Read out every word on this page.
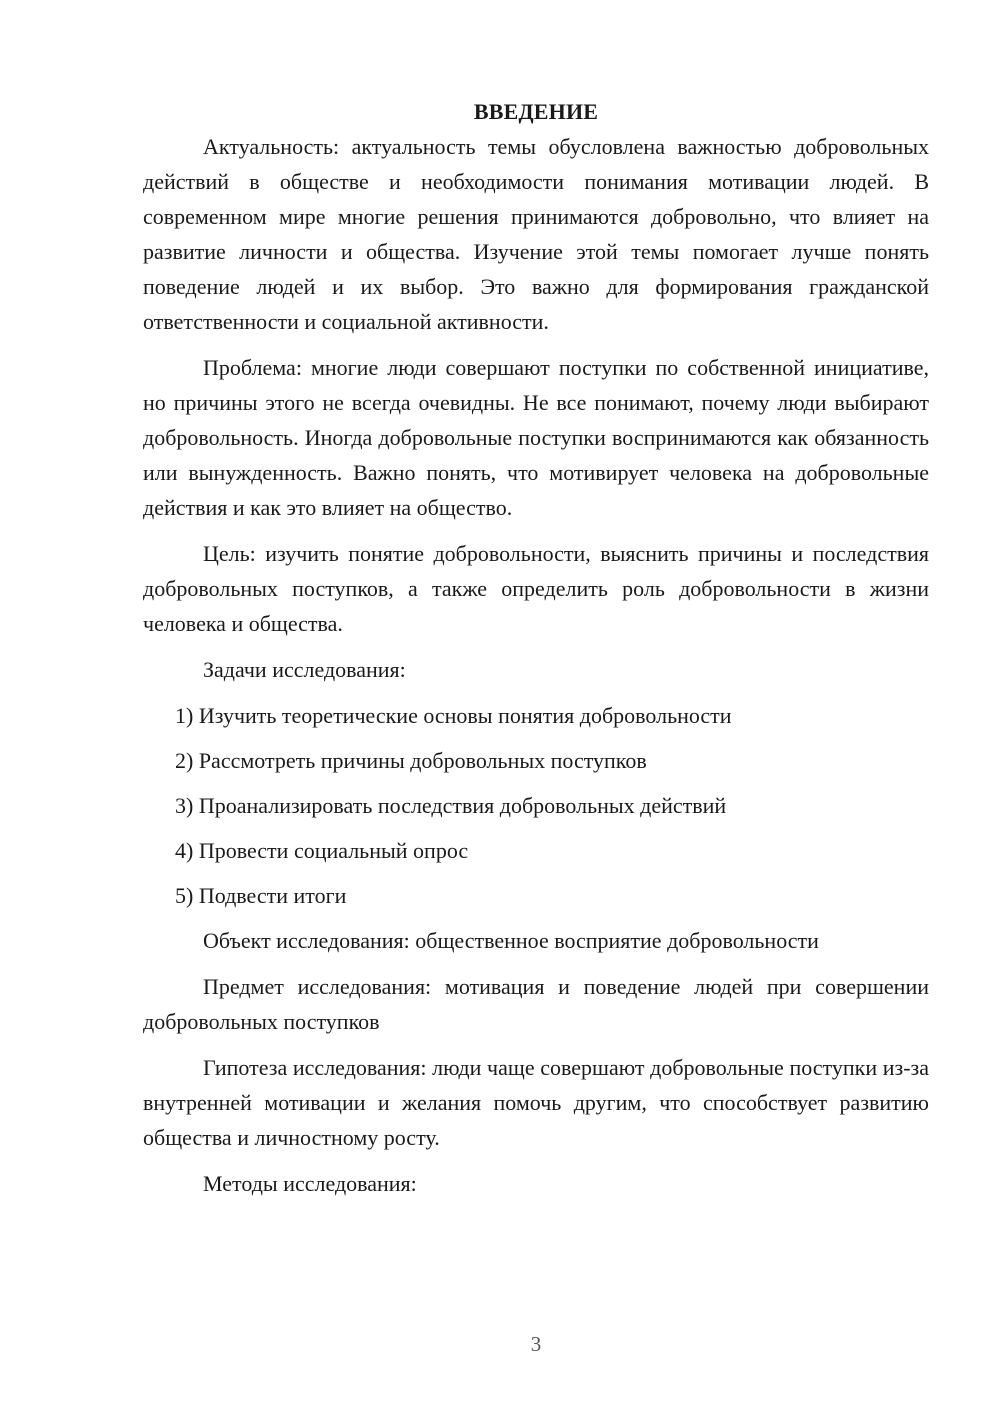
ВВЕДЕНИЕ

Актуальность: актуальность темы обусловлена важностью добровольных действий в обществе и необходимости понимания мотивации людей. В современном мире многие решения принимаются добровольно, что влияет на развитие личности и общества. Изучение этой темы помогает лучше понять поведение людей и их выбор. Это важно для формирования гражданской ответственности и социальной активности.

Проблема: многие люди совершают поступки по собственной инициативе, но причины этого не всегда очевидны. Не все понимают, почему люди выбирают добровольность. Иногда добровольные поступки воспринимаются как обязанность или вынужденность. Важно понять, что мотивирует человека на добровольные действия и как это влияет на общество.

Цель: изучить понятие добровольности, выяснить причины и последствия добровольных поступков, а также определить роль добровольности в жизни человека и общества.

Задачи исследования:

1) Изучить теоретические основы понятия добровольности
2) Рассмотреть причины добровольных поступков
3) Проанализировать последствия добровольных действий
4) Провести социальный опрос
5) Подвести итоги

Объект исследования: общественное восприятие добровольности

Предмет исследования: мотивация и поведение людей при совершении добровольных поступков

Гипотеза исследования: люди чаще совершают добровольные поступки из-за внутренней мотивации и желания помочь другим, что способствует развитию общества и личностному росту.

Методы исследования:

3
